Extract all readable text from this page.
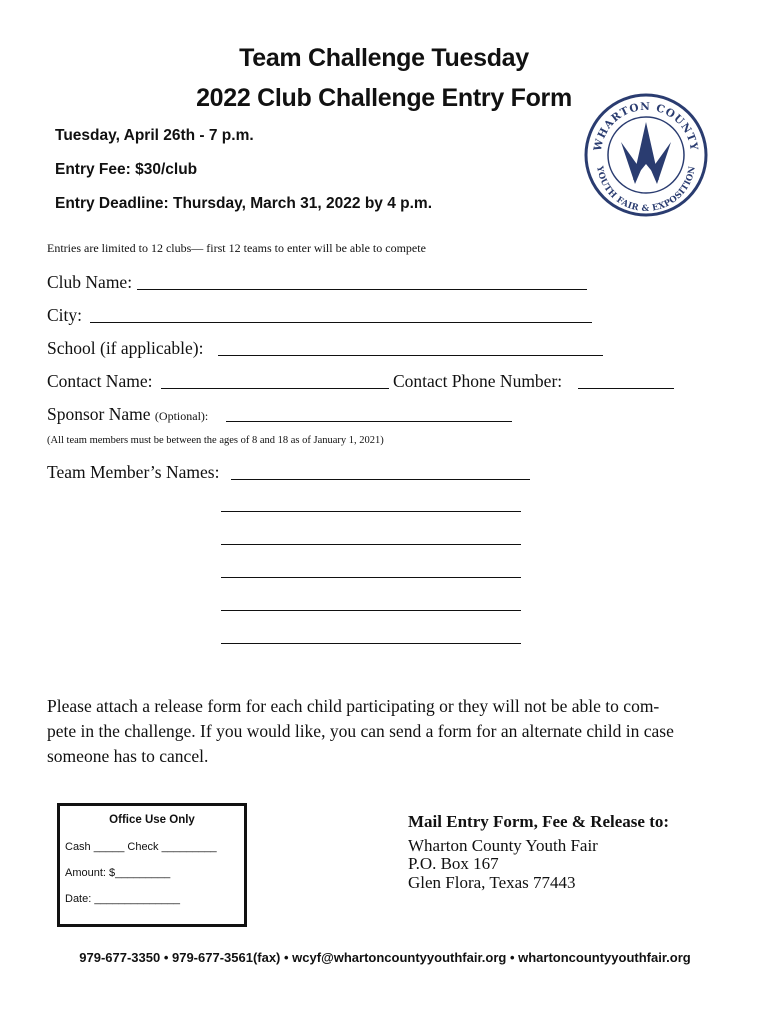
Team Challenge Tuesday
2022 Club Challenge Entry Form
Tuesday, April 26th - 7 p.m.
Entry Fee: $30/club
Entry Deadline: Thursday, March 31, 2022 by 4 p.m.
WHARTON COUNTY
YOUTH FAIR & EXPOSITION
Entries are limited to 12 clubs— first 12 teams to enter will be able to compete
Club Name:
City:
School (if applicable):
Contact Name:	Contact Phone Number:
Sponsor Name (Optional):
(All team members must be between the ages of 8 and 18 as of January 1, 2021)
Team Member’s Names:
Please attach a release form for each child participating or they will not be able to com-
pete in the challenge. If you would like, you can send a form for an alternate child in case
someone has to cancel.
Office Use Only
Cash _____ Check _________
Amount: $_________
Date: ______________
Mail Entry Form, Fee & Release to:
Wharton County Youth Fair
P.O. Box 167
Glen Flora, Texas 77443
979-677-3350 • 979-677-3561(fax) • wcyf@whartoncountyyouthfair.org • whartoncountyyouthfair.org
